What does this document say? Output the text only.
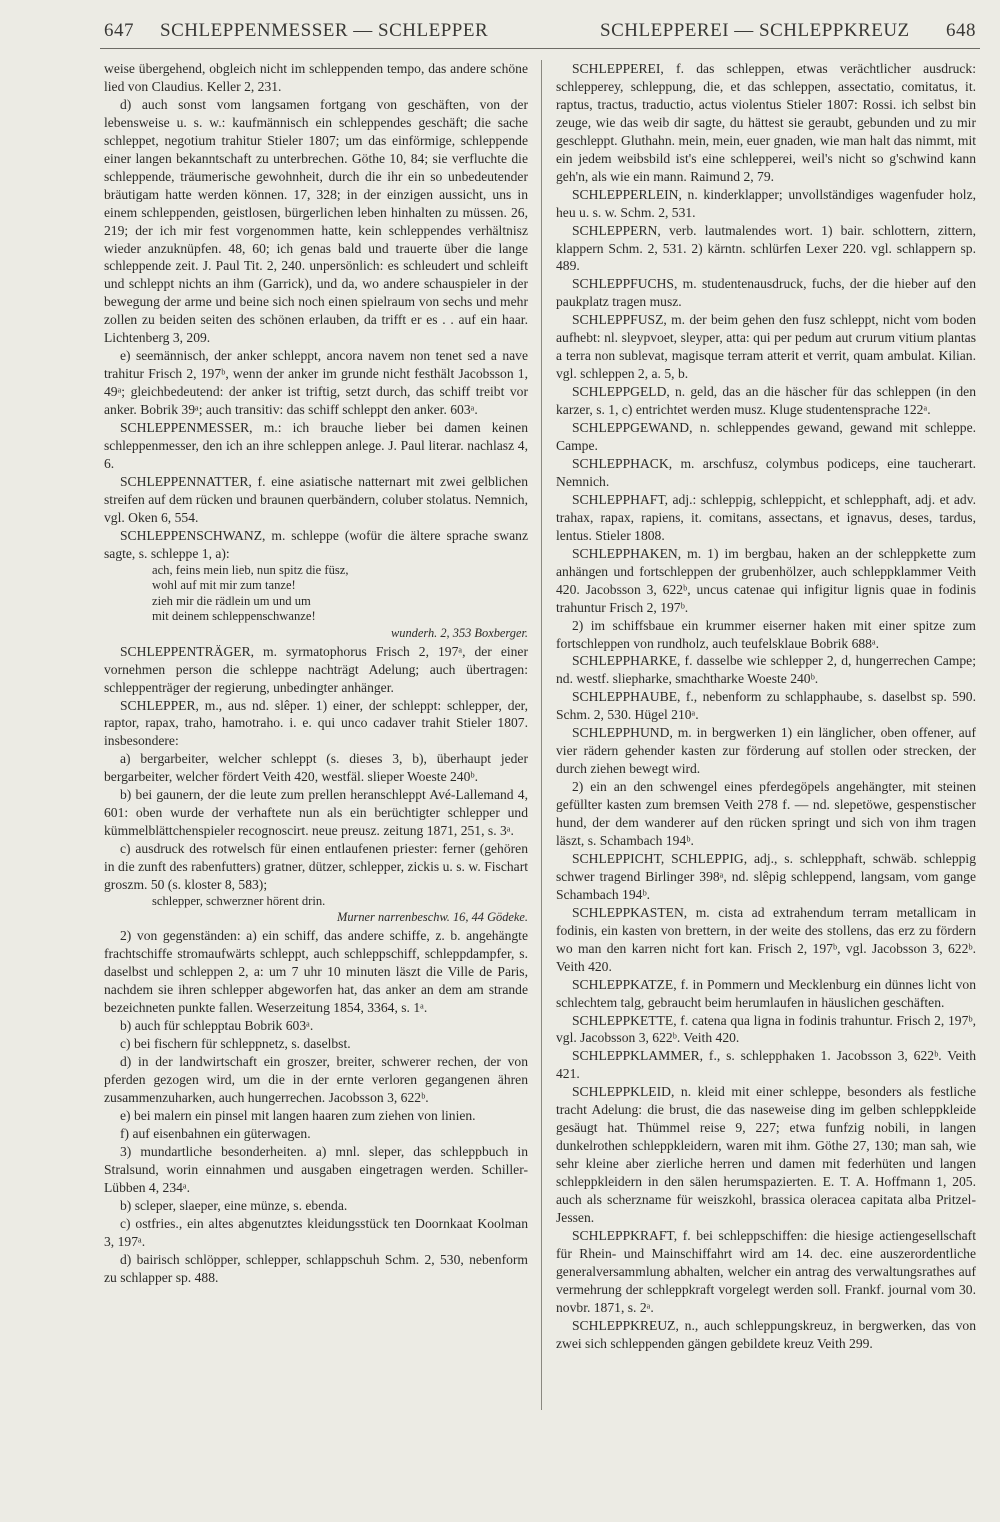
647 SCHLEPPENMESSER — SCHLEPPER	SCHLEPPEREI — SCHLEPPKREUZ 648

weise übergehend, obgleich nicht im schleppenden tempo, das andere schöne lied von Claudius. Keller 2, 231.

d) auch sonst vom langsamen fortgang von geschäften, von der lebensweise u. s. w.: kaufmännisch ein schleppendes geschäft; die sache schleppet, negotium trahitur Stieler 1807; um das einförmige, schleppende einer langen bekanntschaft zu unterbrechen. Göthe 10, 84; sie verfluchte die schleppende, träumerische gewohnheit, durch die ihr ein so unbedeutender bräutigam hatte werden können. 17, 328; in der einzigen aussicht, uns in einem schleppenden, geistlosen, bürgerlichen leben hinhalten zu müssen. 26, 219; der ich mir fest vorgenommen hatte, kein schleppendes verhältnisz wieder anzuknüpfen. 48, 60; ich genas bald und trauerte über die lange schleppende zeit. J. Paul Tit. 2, 240. unpersönlich: es schleudert und schleift und schleppt nichts an ihm (Garrick), und da, wo andere schauspieler in der bewegung der arme und beine sich noch einen spielraum von sechs und mehr zollen zu beiden seiten des schönen erlauben, da trifft er es . . auf ein haar. Lichtenberg 3, 209.

e) seemännisch, der anker schleppt, ancora navem non tenet sed a nave trahitur Frisch 2, 197ᵇ, wenn der anker im grunde nicht festhält Jacobsson 1, 49ᵃ; gleichbedeutend: der anker ist triftig, setzt durch, das schiff treibt vor anker. Bobrik 39ᵃ; auch transitiv: das schiff schleppt den anker. 603ᵃ.

SCHLEPPENMESSER, m.: ich brauche lieber bei damen keinen schleppenmesser, den ich an ihre schleppen anlege. J. Paul literar. nachlasz 4, 6.

SCHLEPPENNATTER, f. eine asiatische natternart mit zwei gelblichen streifen auf dem rücken und braunen querbändern, coluber stolatus. Nemnich, vgl. Oken 6, 554.

SCHLEPPENSCHWANZ, m. schleppe (wofür die ältere sprache swanz sagte, s. schleppe 1, a):

ach, feins mein lieb, nun spitz die füsz,

wohl auf mit mir zum tanze!

zieh mir die rädlein um und um

mit deinem schleppenschwanze!

wunderh. 2, 353 Boxberger.

SCHLEPPENTRÄGER, m. syrmatophorus Frisch 2, 197ᵃ, der einer vornehmen person die schleppe nachträgt Adelung; auch übertragen: schleppenträger der regierung, unbedingter anhänger.

SCHLEPPER, m., aus nd. slêper. 1) einer, der schleppt: schlepper, der, raptor, rapax, traho, hamotraho. i. e. qui unco cadaver trahit Stieler 1807. insbesondere:

a) bergarbeiter, welcher schleppt (s. dieses 3, b), überhaupt jeder bergarbeiter, welcher fördert Veith 420, westfäl. slieper Woeste 240ᵇ.

b) bei gaunern, der die leute zum prellen heranschleppt Avé-Lallemand 4, 601: oben wurde der verhaftete nun als ein berüchtigter schlepper und kümmelblättchenspieler recognoscirt. neue preusz. zeitung 1871, 251, s. 3ᵃ.

c) ausdruck des rotwelsch für einen entlaufenen priester: ferner (gehören in die zunft des rabenfutters) gratner, dützer, schlepper, zickis u. s. w. Fischart groszm. 50 (s. kloster 8, 583);

schlepper, schwerzner hörent drin.

Murner narrenbeschw. 16, 44 Gödeke.

2) von gegenständen: a) ein schiff, das andere schiffe, z. b. angehängte frachtschiffe stromaufwärts schleppt, auch schleppschiff, schleppdampfer, s. daselbst und schleppen 2, a: um 7 uhr 10 minuten läszt die Ville de Paris, nachdem sie ihren schlepper abgeworfen hat, das anker an dem am strande bezeichneten punkte fallen. Weserzeitung 1854, 3364, s. 1ᵃ.

b) auch für schlepptau Bobrik 603ᵃ.

c) bei fischern für schleppnetz, s. daselbst.

d) in der landwirtschaft ein groszer, breiter, schwerer rechen, der von pferden gezogen wird, um die in der ernte verloren gegangenen ähren zusammenzuharken, auch hungerrechen. Jacobsson 3, 622ᵇ.

e) bei malern ein pinsel mit langen haaren zum ziehen von linien.

f) auf eisenbahnen ein güterwagen.

3) mundartliche besonderheiten. a) mnl. sleper, das schleppbuch in Stralsund, worin einnahmen und ausgaben eingetragen werden. Schiller-Lübben 4, 234ᵃ.

b) scleper, slaeper, eine münze, s. ebenda.

c) ostfries., ein altes abgenutztes kleidungsstück ten Doornkaat Koolman 3, 197ᵃ.

d) bairisch schlöpper, schlepper, schlappschuh Schm. 2, 530, nebenform zu schlapper sp. 488.

SCHLEPPEREI, f. das schleppen, etwas verächtlicher ausdruck: schlepperey, schleppung, die, et das schleppen, assectatio, comitatus, it. raptus, tractus, traductio, actus violentus Stieler 1807: Rossi. ich selbst bin zeuge, wie das weib dir sagte, du hättest sie geraubt, gebunden und zu mir geschleppt. Gluthahn. mein, mein, euer gnaden, wie man halt das nimmt, mit ein jedem weibsbild ist's eine schlepperei, weil's nicht so g'schwind kann geh'n, als wie ein mann. Raimund 2, 79.

SCHLEPPERLEIN, n. kinderklapper; unvollständiges wagenfuder holz, heu u. s. w. Schm. 2, 531.

SCHLEPPERN, verb. lautmalendes wort. 1) bair. schlottern, zittern, klappern Schm. 2, 531. 2) kärntn. schlürfen Lexer 220. vgl. schlappern sp. 489.

SCHLEPPFUCHS, m. studentenausdruck, fuchs, der die hieber auf den paukplatz tragen musz.

SCHLEPPFUSZ, m. der beim gehen den fusz schleppt, nicht vom boden aufhebt: nl. sleypvoet, sleyper, atta: qui per pedum aut crurum vitium plantas a terra non sublevat, magisque terram atterit et verrit, quam ambulat. Kilian. vgl. schleppen 2, a. 5, b.

SCHLEPPGELD, n. geld, das an die häscher für das schleppen (in den karzer, s. 1, c) entrichtet werden musz. Kluge studentensprache 122ᵃ.

SCHLEPPGEWAND, n. schleppendes gewand, gewand mit schleppe. Campe.

SCHLEPPHACK, m. arschfusz, colymbus podiceps, eine taucherart. Nemnich.

SCHLEPPHAFT, adj.: schleppig, schleppicht, et schlepphaft, adj. et adv. trahax, rapax, rapiens, it. comitans, assectans, et ignavus, deses, tardus, lentus. Stieler 1808.

SCHLEPPHAKEN, m. 1) im bergbau, haken an der schleppkette zum anhängen und fortschleppen der grubenhölzer, auch schleppklammer Veith 420. Jacobsson 3, 622ᵇ, uncus catenae qui infigitur lignis quae in fodinis trahuntur Frisch 2, 197ᵇ.

2) im schiffsbaue ein krummer eiserner haken mit einer spitze zum fortschleppen von rundholz, auch teufelsklaue Bobrik 688ᵃ.

SCHLEPPHARKE, f. dasselbe wie schlepper 2, d, hungerrechen Campe; nd. westf. sliepharke, smachtharke Woeste 240ᵇ.

SCHLEPPHAUBE, f., nebenform zu schlapphaube, s. daselbst sp. 590. Schm. 2, 530. Hügel 210ᵃ.

SCHLEPPHUND, m. in bergwerken 1) ein länglicher, oben offener, auf vier rädern gehender kasten zur förderung auf stollen oder strecken, der durch ziehen bewegt wird.

2) ein an den schwengel eines pferdegöpels angehängter, mit steinen gefüllter kasten zum bremsen Veith 278 f. — nd. slepetöwe, gespenstischer hund, der dem wanderer auf den rücken springt und sich von ihm tragen läszt, s. Schambach 194ᵇ.

SCHLEPPICHT, SCHLEPPIG, adj., s. schlepphaft, schwäb. schleppig schwer tragend Birlinger 398ᵃ, nd. slêpig schleppend, langsam, vom gange Schambach 194ᵇ.

SCHLEPPKASTEN, m. cista ad extrahendum terram metallicam in fodinis, ein kasten von brettern, in der weite des stollens, das erz zu fördern wo man den karren nicht fort kan. Frisch 2, 197ᵇ, vgl. Jacobsson 3, 622ᵇ. Veith 420.

SCHLEPPKATZE, f. in Pommern und Mecklenburg ein dünnes licht von schlechtem talg, gebraucht beim herumlaufen in häuslichen geschäften.

SCHLEPPKETTE, f. catena qua ligna in fodinis trahuntur. Frisch 2, 197ᵇ, vgl. Jacobsson 3, 622ᵇ. Veith 420.

SCHLEPPKLAMMER, f., s. schlepphaken 1. Jacobsson 3, 622ᵇ. Veith 421.

SCHLEPPKLEID, n. kleid mit einer schleppe, besonders als festliche tracht Adelung: die brust, die das naseweise ding im gelben schleppkleide gesäugt hat. Thümmel reise 9, 227; etwa funfzig nobili, in langen dunkelrothen schleppkleidern, waren mit ihm. Göthe 27, 130; man sah, wie sehr kleine aber zierliche herren und damen mit federhüten und langen schleppkleidern in den sälen herumspazierten. E. T. A. Hoffmann 1, 205. auch als scherzname für weiszkohl, brassica oleracea capitata alba Pritzel-Jessen.

SCHLEPPKRAFT, f. bei schleppschiffen: die hiesige actiengesellschaft für Rhein- und Mainschiffahrt wird am 14. dec. eine auszerordentliche generalversammlung abhalten, welcher ein antrag des verwaltungsrathes auf vermehrung der schleppkraft vorgelegt werden soll. Frankf. journal vom 30. novbr. 1871, s. 2ᵃ.

SCHLEPPKREUZ, n., auch schleppungskreuz, in bergwerken, das von zwei sich schleppenden gängen gebildete kreuz Veith 299.
